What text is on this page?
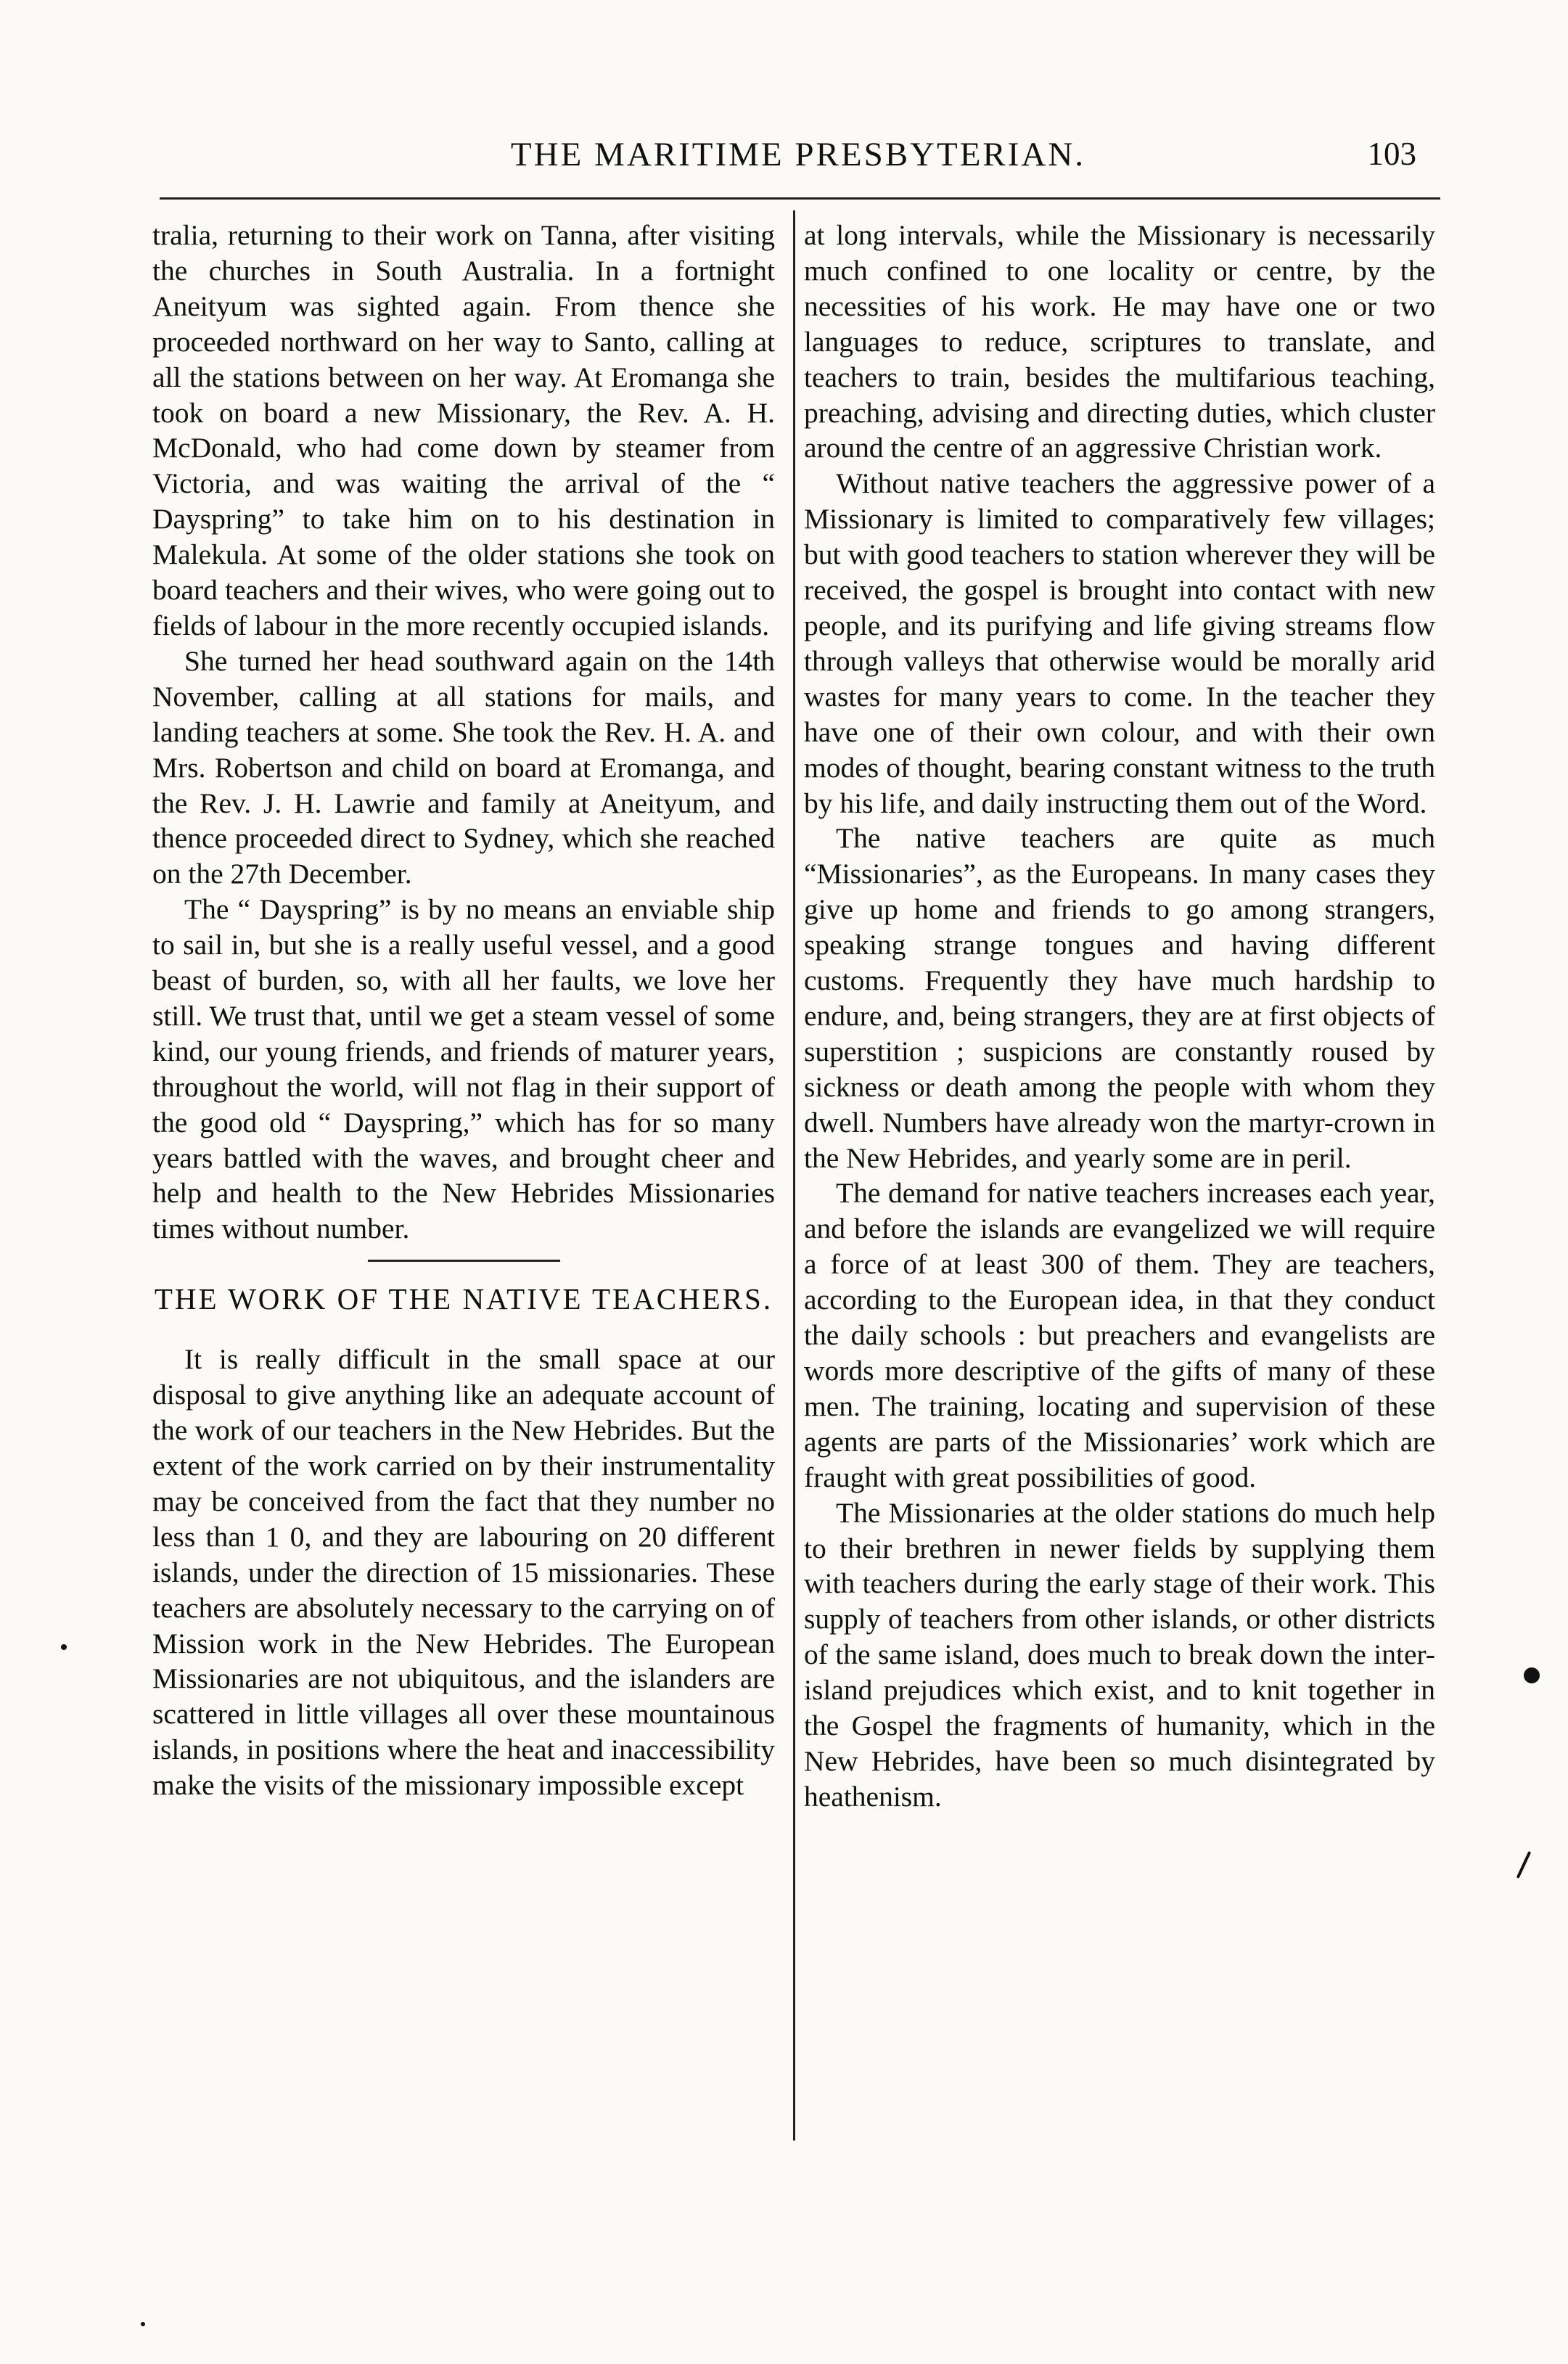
THE MARITIME PRESBYTERIAN.	103

tralia, returning to their work on Tanna, after visiting the churches in South Australia. In a fortnight Aneityum was sighted again. From thence she proceeded northward on her way to Santo, calling at all the stations between on her way. At Eromanga she took on board a new Missionary, the Rev. A. H. McDonald, who had come down by steamer from Victoria, and was waiting the arrival of the “ Dayspring” to take him on to his destination in Malekula. At some of the older stations she took on board teachers and their wives, who were going out to fields of labour in the more recently occupied islands.

She turned her head southward again on the 14th November, calling at all stations for mails, and landing teachers at some. She took the Rev. H. A. and Mrs. Robertson and child on board at Eromanga, and the Rev. J. H. Lawrie and family at Aneityum, and thence proceeded direct to Sydney, which she reached on the 27th December.

The “ Dayspring” is by no means an enviable ship to sail in, but she is a really useful vessel, and a good beast of burden, so, with all her faults, we love her still. We trust that, until we get a steam vessel of some kind, our young friends, and friends of maturer years, throughout the world, will not flag in their support of the good old “ Dayspring,” which has for so many years battled with the waves, and brought cheer and help and health to the New Hebrides Missionaries times without number.

THE WORK OF THE NATIVE TEACHERS.

It is really difficult in the small space at our disposal to give anything like an adequate account of the work of our teachers in the New Hebrides. But the extent of the work carried on by their instrumentality may be conceived from the fact that they number no less than 1 0, and they are labouring on 20 different islands, under the direction of 15 missionaries. These teachers are absolutely necessary to the carrying on of Mission work in the New Hebrides. The European Missionaries are not ubiquitous, and the islanders are scattered in little villages all over these mountainous islands, in positions where the heat and inaccessibility make the visits of the missionary impossible except

at long intervals, while the Missionary is necessarily much confined to one locality or centre, by the necessities of his work. He may have one or two languages to reduce, scriptures to translate, and teachers to train, besides the multifarious teaching, preaching, advising and directing duties, which cluster around the centre of an aggressive Christian work.

Without native teachers the aggressive power of a Missionary is limited to comparatively few villages; but with good teachers to station wherever they will be received, the gospel is brought into contact with new people, and its purifying and life giving streams flow through valleys that otherwise would be morally arid wastes for many years to come. In the teacher they have one of their own colour, and with their own modes of thought, bearing constant witness to the truth by his life, and daily instructing them out of the Word.

The native teachers are quite as much “Missionaries”, as the Europeans. In many cases they give up home and friends to go among strangers, speaking strange tongues and having different customs. Frequently they have much hardship to endure, and, being strangers, they are at first objects of superstition ; suspicions are constantly roused by sickness or death among the people with whom they dwell. Numbers have already won the martyr-crown in the New Hebrides, and yearly some are in peril.

The demand for native teachers increases each year, and before the islands are evangelized we will require a force of at least 300 of them. They are teachers, according to the European idea, in that they conduct the daily schools : but preachers and evangelists are words more descriptive of the gifts of many of these men. The training, locating and supervision of these agents are parts of the Missionaries’ work which are fraught with great possibilities of good.

The Missionaries at the older stations do much help to their brethren in newer fields by supplying them with teachers during the early stage of their work. This supply of teachers from other islands, or other districts of the same island, does much to break down the inter-island prejudices which exist, and to knit together in the Gospel the fragments of humanity, which in the New Hebrides, have been so much disintegrated by heathenism.
